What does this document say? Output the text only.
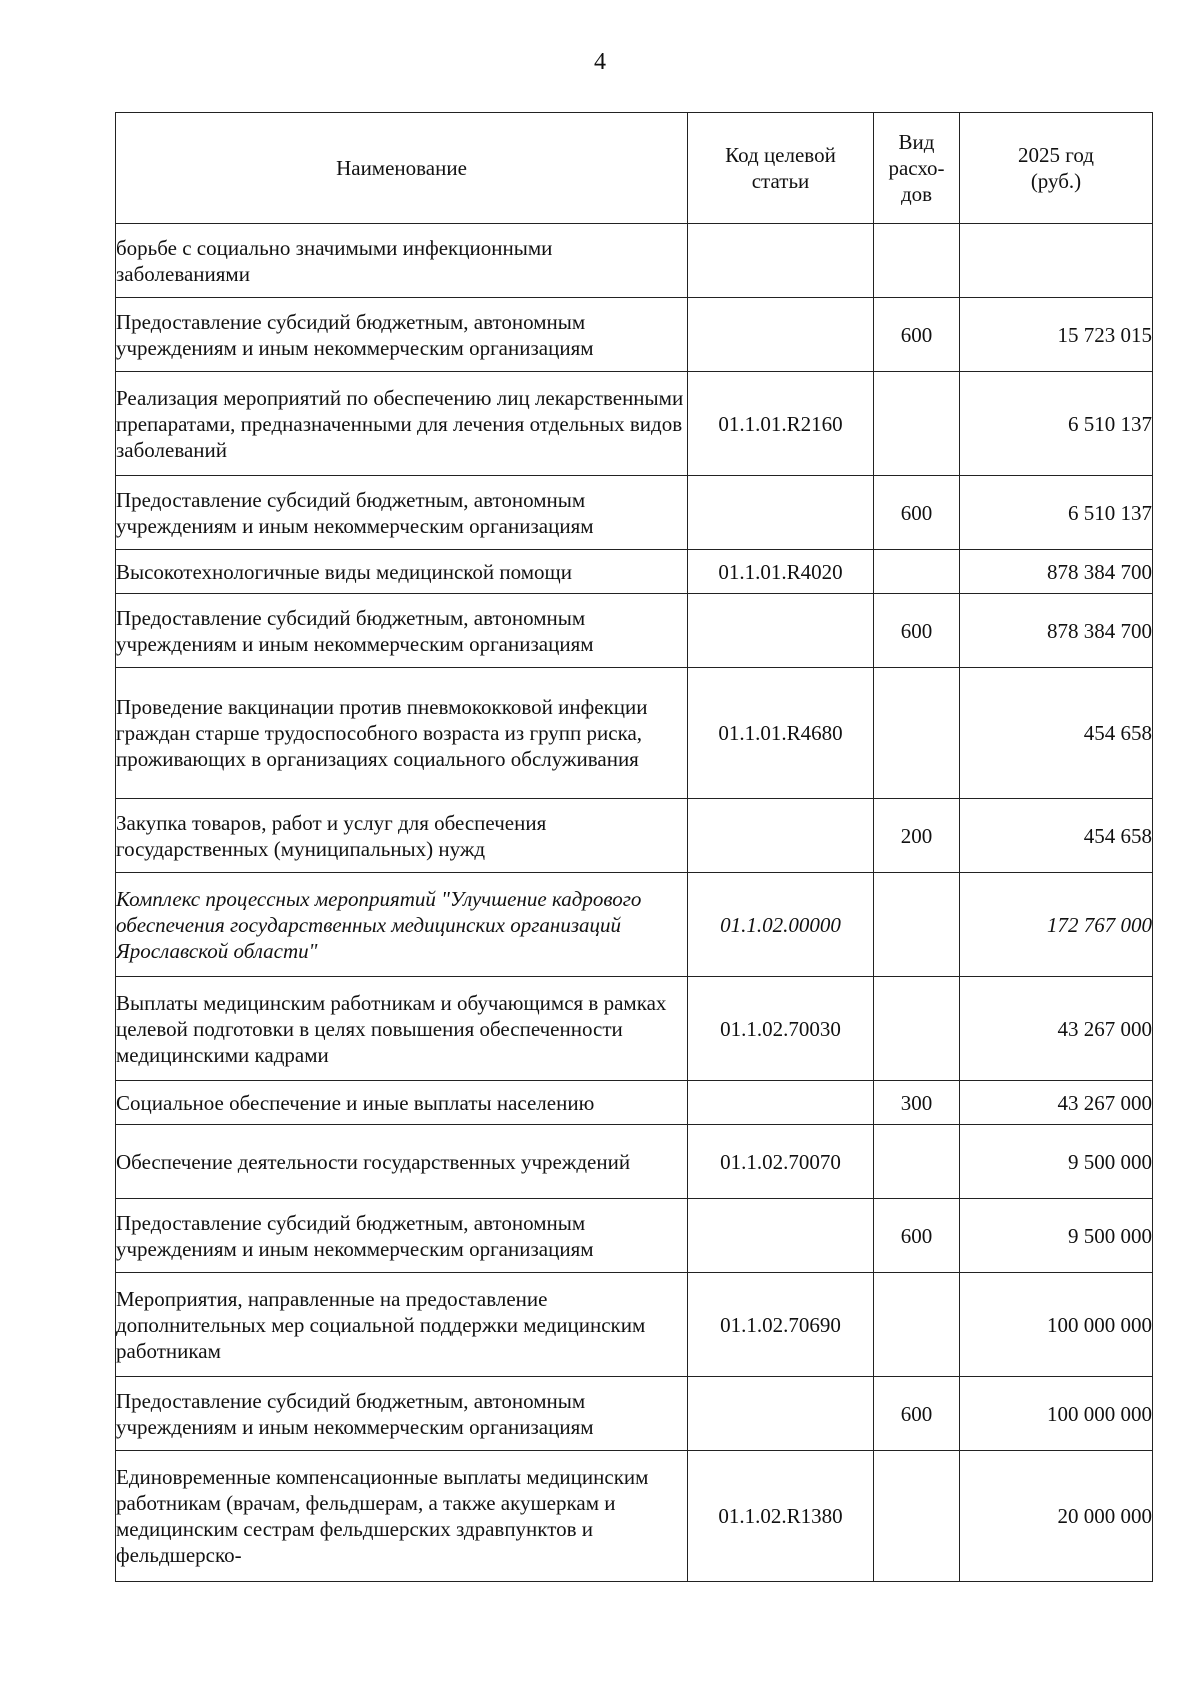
4
Наименование	Код целевой статьи	Вид расхо-дов	2025 год (руб.)
борьбе с социально значимыми инфекционными заболеваниями			
Предоставление субсидий бюджетным, автономным учреждениям и иным некоммерческим организациям		600	15 723 015
Реализация мероприятий по обеспечению лиц лекарственными препаратами, предназначенными для лечения отдельных видов заболеваний	01.1.01.R2160		6 510 137
Предоставление субсидий бюджетным, автономным учреждениям и иным некоммерческим организациям		600	6 510 137
Высокотехнологичные виды медицинской помощи	01.1.01.R4020		878 384 700
Предоставление субсидий бюджетным, автономным учреждениям и иным некоммерческим организациям		600	878 384 700
Проведение вакцинации против пневмококковой инфекции граждан старше трудоспособного возраста из групп риска, проживающих в организациях социального обслуживания	01.1.01.R4680		454 658
Закупка товаров, работ и услуг для обеспечения государственных (муниципальных) нужд		200	454 658
Комплекс процессных мероприятий "Улучшение кадрового обеспечения государственных медицинских организаций Ярославской области"	01.1.02.00000		172 767 000
Выплаты медицинским работникам и обучающимся в рамках целевой подготовки в целях повышения обеспеченности медицинскими кадрами	01.1.02.70030		43 267 000
Социальное обеспечение и иные выплаты населению		300	43 267 000
Обеспечение деятельности государственных учреждений	01.1.02.70070		9 500 000
Предоставление субсидий бюджетным, автономным учреждениям и иным некоммерческим организациям		600	9 500 000
Мероприятия, направленные на предоставление дополнительных мер социальной поддержки медицинским работникам	01.1.02.70690		100 000 000
Предоставление субсидий бюджетным, автономным учреждениям и иным некоммерческим организациям		600	100 000 000
Единовременные компенсационные выплаты медицинским работникам (врачам, фельдшерам, а также акушеркам и медицинским сестрам фельдшерских здравпунктов и фельдшерско-	01.1.02.R1380		20 000 000
